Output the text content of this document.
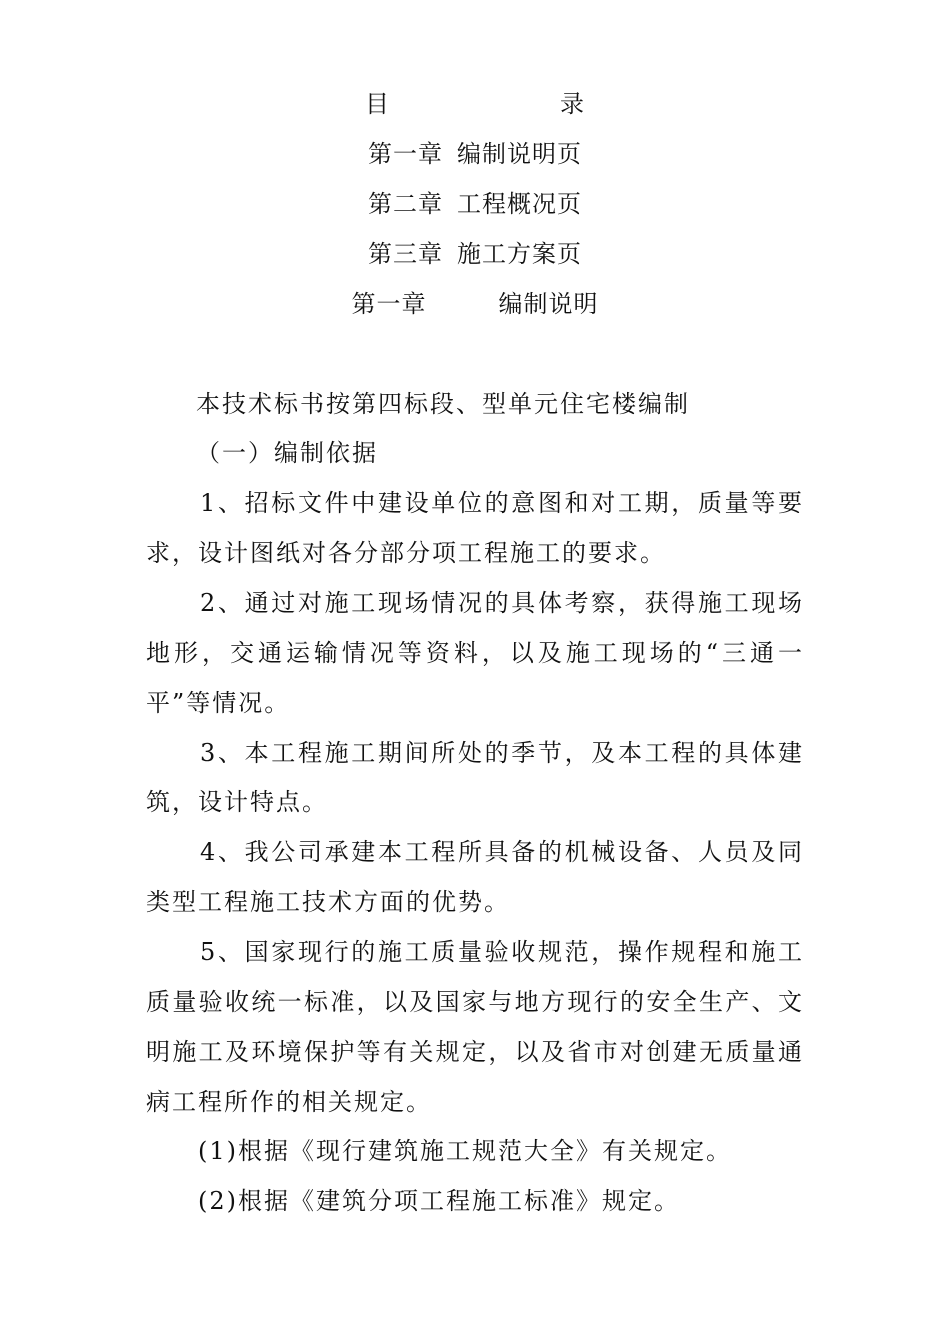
目	录
第一章 编制说明页
第二章 工程概况页
第三章 施工方案页
第一章	编制说明
本技术标书按第四标段、型单元住宅楼编制
（一）编制依据
1、招标文件中建设单位的意图和对工期，质量等要
求，设计图纸对各分部分项工程施工的要求。
2、通过对施工现场情况的具体考察，获得施工现场
地形，交通运输情况等资料，以及施工现场的“三通一
平”等情况。
3、本工程施工期间所处的季节，及本工程的具体建
筑，设计特点。
4、我公司承建本工程所具备的机械设备、人员及同
类型工程施工技术方面的优势。
5、国家现行的施工质量验收规范，操作规程和施工
质量验收统一标准，以及国家与地方现行的安全生产、文
明施工及环境保护等有关规定，以及省市对创建无质量通
病工程所作的相关规定。
(1)根据《现行建筑施工规范大全》有关规定。
(2)根据《建筑分项工程施工标准》规定。
